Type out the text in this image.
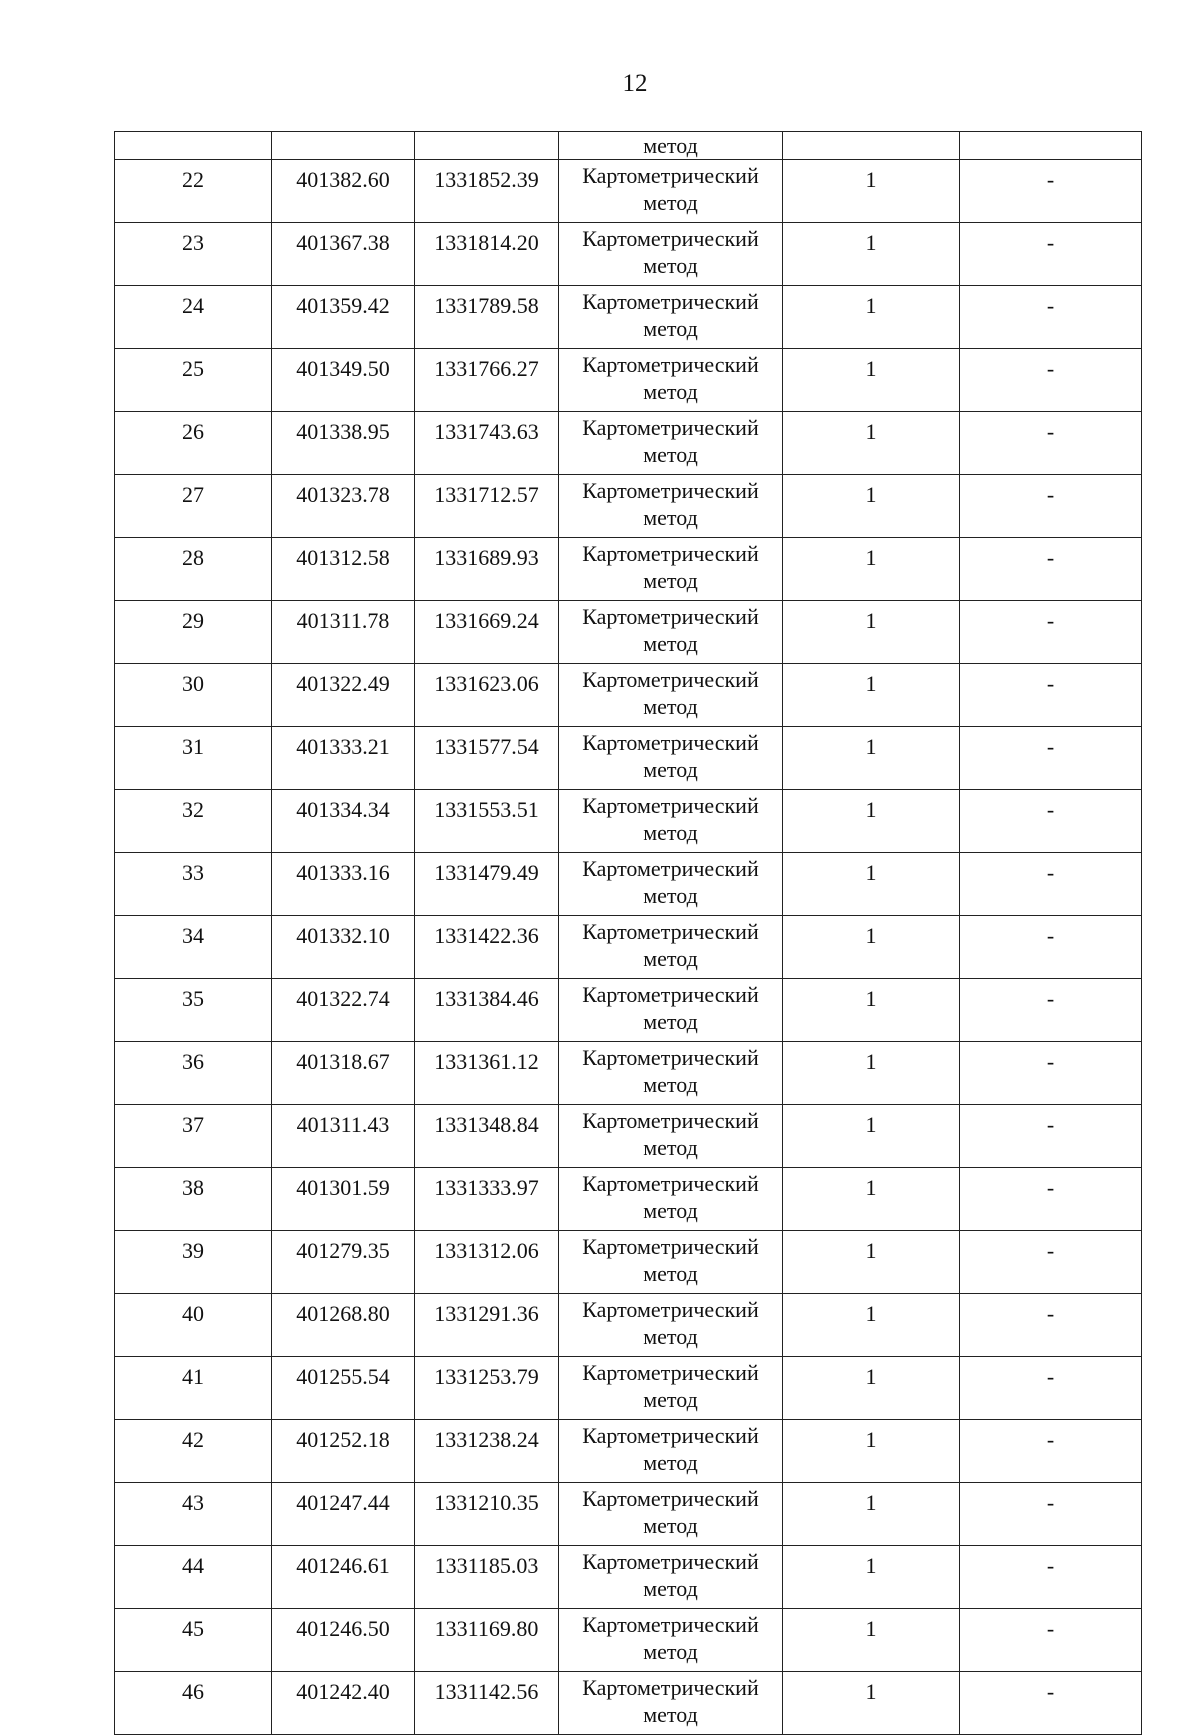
12
			метод		
22	401382.60	1331852.39	Картометрический
метод	1	-
23	401367.38	1331814.20	Картометрический
метод	1	-
24	401359.42	1331789.58	Картометрический
метод	1	-
25	401349.50	1331766.27	Картометрический
метод	1	-
26	401338.95	1331743.63	Картометрический
метод	1	-
27	401323.78	1331712.57	Картометрический
метод	1	-
28	401312.58	1331689.93	Картометрический
метод	1	-
29	401311.78	1331669.24	Картометрический
метод	1	-
30	401322.49	1331623.06	Картометрический
метод	1	-
31	401333.21	1331577.54	Картометрический
метод	1	-
32	401334.34	1331553.51	Картометрический
метод	1	-
33	401333.16	1331479.49	Картометрический
метод	1	-
34	401332.10	1331422.36	Картометрический
метод	1	-
35	401322.74	1331384.46	Картометрический
метод	1	-
36	401318.67	1331361.12	Картометрический
метод	1	-
37	401311.43	1331348.84	Картометрический
метод	1	-
38	401301.59	1331333.97	Картометрический
метод	1	-
39	401279.35	1331312.06	Картометрический
метод	1	-
40	401268.80	1331291.36	Картометрический
метод	1	-
41	401255.54	1331253.79	Картометрический
метод	1	-
42	401252.18	1331238.24	Картометрический
метод	1	-
43	401247.44	1331210.35	Картометрический
метод	1	-
44	401246.61	1331185.03	Картометрический
метод	1	-
45	401246.50	1331169.80	Картометрический
метод	1	-
46	401242.40	1331142.56	Картометрический
метод	1	-
